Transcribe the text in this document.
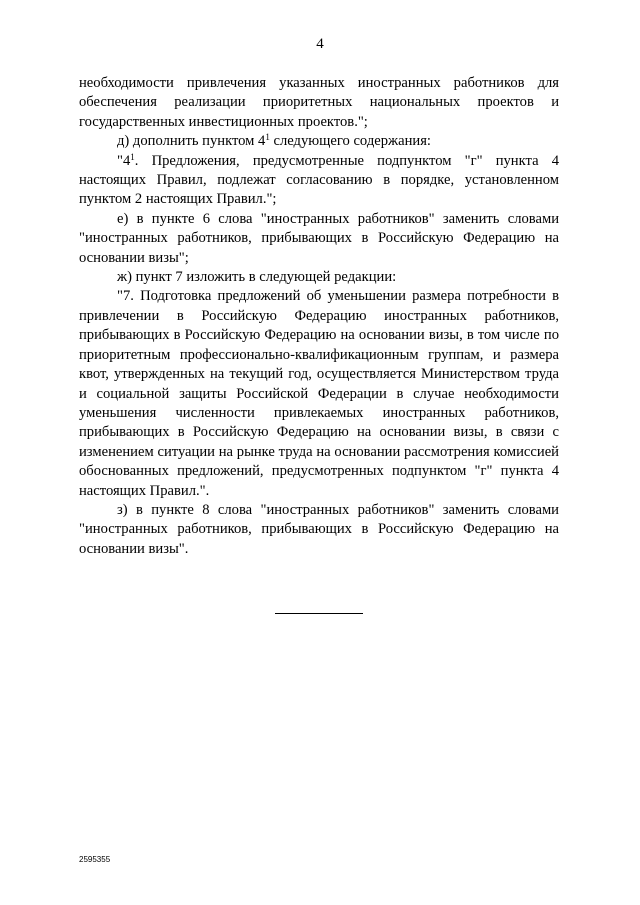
4

необходимости привлечения указанных иностранных работников для обеспечения реализации приоритетных национальных проектов и государственных инвестиционных проектов.";

д) дополнить пунктом $4^1$ следующего содержания:

"$4^1$. Предложения, предусмотренные подпунктом "г" пункта 4 настоящих Правил, подлежат согласованию в порядке, установленном пунктом 2 настоящих Правил.";

е) в пункте 6 слова "иностранных работников" заменить словами "иностранных работников, прибывающих в Российскую Федерацию на основании визы";

ж) пункт 7 изложить в следующей редакции:

"7. Подготовка предложений об уменьшении размера потребности в привлечении в Российскую Федерацию иностранных работников, прибывающих в Российскую Федерацию на основании визы, в том числе по приоритетным профессионально-квалификационным группам, и размера квот, утвержденных на текущий год, осуществляется Министерством труда и социальной защиты Российской Федерации в случае необходимости уменьшения численности привлекаемых иностранных работников, прибывающих в Российскую Федерацию на основании визы, в связи с изменением ситуации на рынке труда на основании рассмотрения комиссией обоснованных предложений, предусмотренных подпунктом "г" пункта 4 настоящих Правил.".

з) в пункте 8 слова "иностранных работников" заменить словами "иностранных работников, прибывающих в Российскую Федерацию на основании визы".

2595355
